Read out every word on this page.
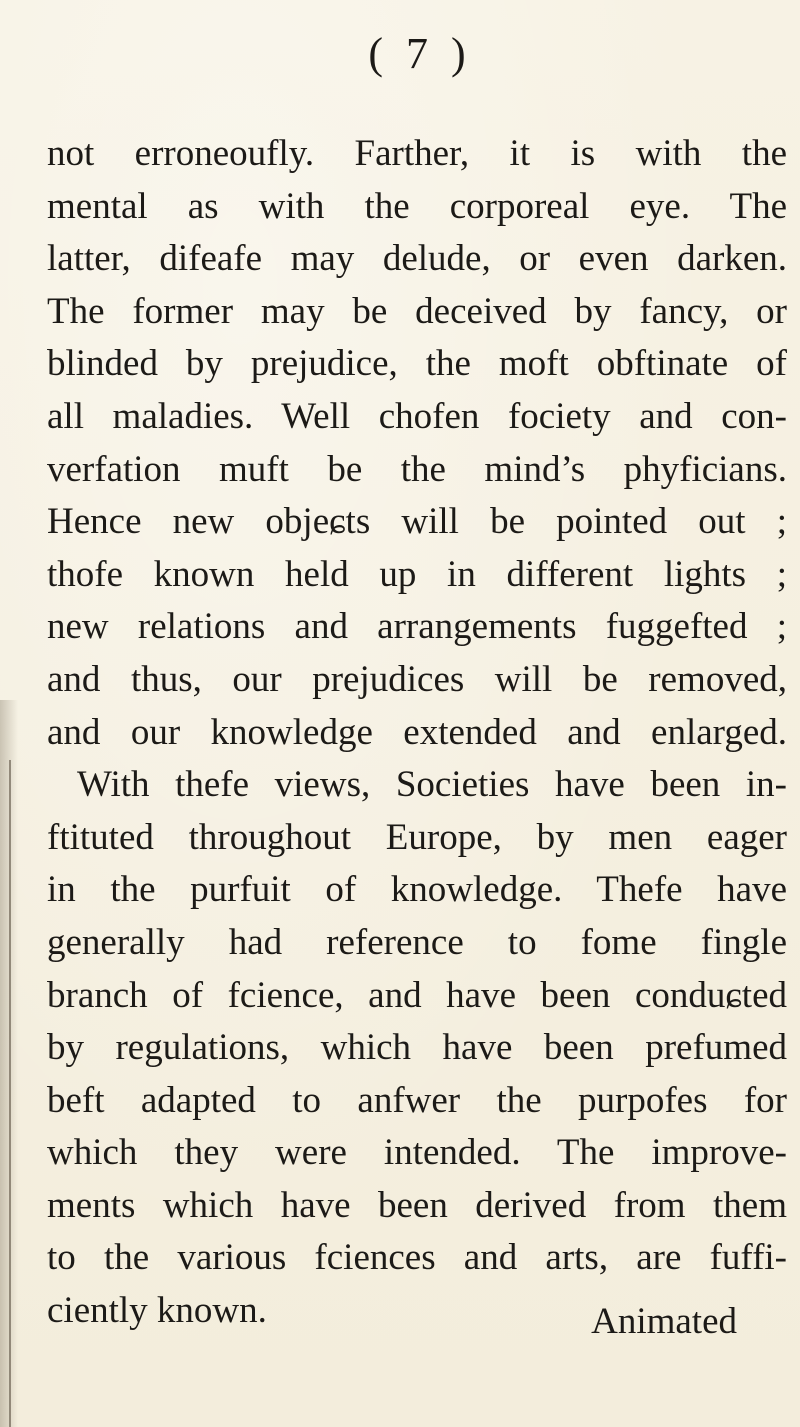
( 7 )
not erroneoufly. Farther, it is with the
mental as with the corporeal eye. The
latter, difeafe may delude, or even darken.
The former may be deceived by fancy, or
blinded by prejudice, the moft obftinate of
all maladies. Well chofen fociety and con-
verfation muft be the mind’s phyficians.
Hence new objeɕts will be pointed out ;
thofe known held up in different lights ;
new relations and arrangements fuggefted ;
and thus, our prejudices will be removed,
and our knowledge extended and enlarged.
With thefe views, Societies have been in-
ftituted throughout Europe, by men eager
in the purfuit of knowledge. Thefe have
generally had reference to fome fingle
branch of fcience, and have been conduɕted
by regulations, which have been prefumed
beft adapted to anfwer the purpofes for
which they were intended. The improve-
ments which have been derived from them
to the various fciences and arts, are fuffi-
ciently known.	Animated
